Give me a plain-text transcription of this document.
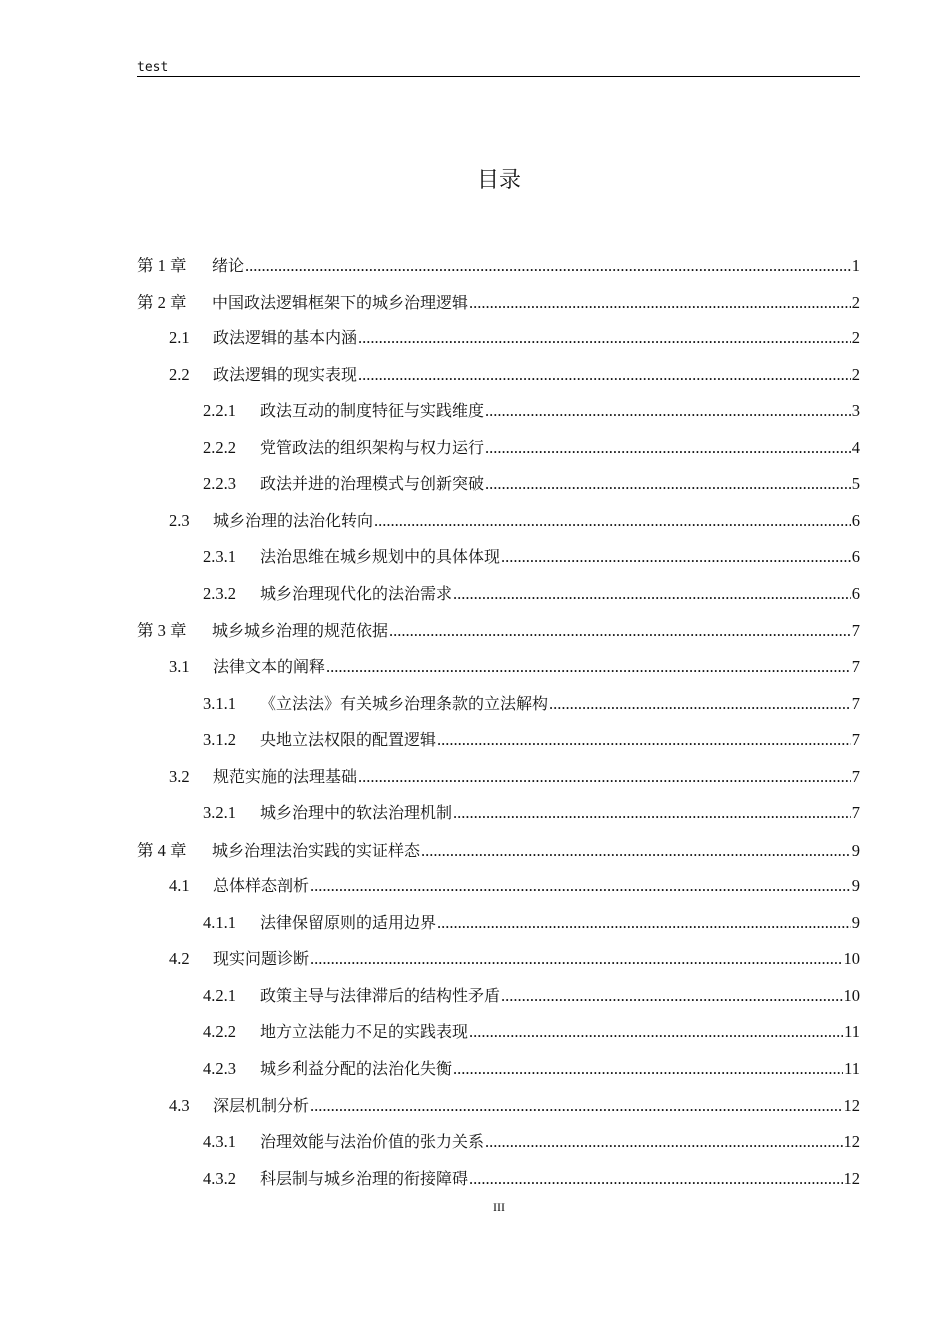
test
目录
第 1 章	绪论 .....	1
第 2 章	中国政法逻辑框架下的城乡治理逻辑 .....	2
2.1	政法逻辑的基本内涵 .....	2
2.2	政法逻辑的现实表现 .....	2
2.2.1	政法互动的制度特征与实践维度 .....	3
2.2.2	党管政法的组织架构与权力运行 .....	4
2.2.3	政法并进的治理模式与创新突破 .....	5
2.3	城乡治理的法治化转向 .....	6
2.3.1	法治思维在城乡规划中的具体体现 .....	6
2.3.2	城乡治理现代化的法治需求 .....	6
第 3 章	城乡城乡治理的规范依据 .....	7
3.1	法律文本的阐释 .....	7
3.1.1	《立法法》有关城乡治理条款的立法解构 .....	7
3.1.2	央地立法权限的配置逻辑 .....	7
3.2	规范实施的法理基础 .....	7
3.2.1	城乡治理中的软法治理机制 .....	7
第 4 章	城乡治理法治实践的实证样态 .....	9
4.1	总体样态剖析 .....	9
4.1.1	法律保留原则的适用边界 .....	9
4.2	现实问题诊断 .....	10
4.2.1	政策主导与法律滞后的结构性矛盾 .....	10
4.2.2	地方立法能力不足的实践表现 .....	11
4.2.3	城乡利益分配的法治化失衡 .....	11
4.3	深层机制分析 .....	12
4.3.1	治理效能与法治价值的张力关系 .....	12
4.3.2	科层制与城乡治理的衔接障碍 .....	12
III
